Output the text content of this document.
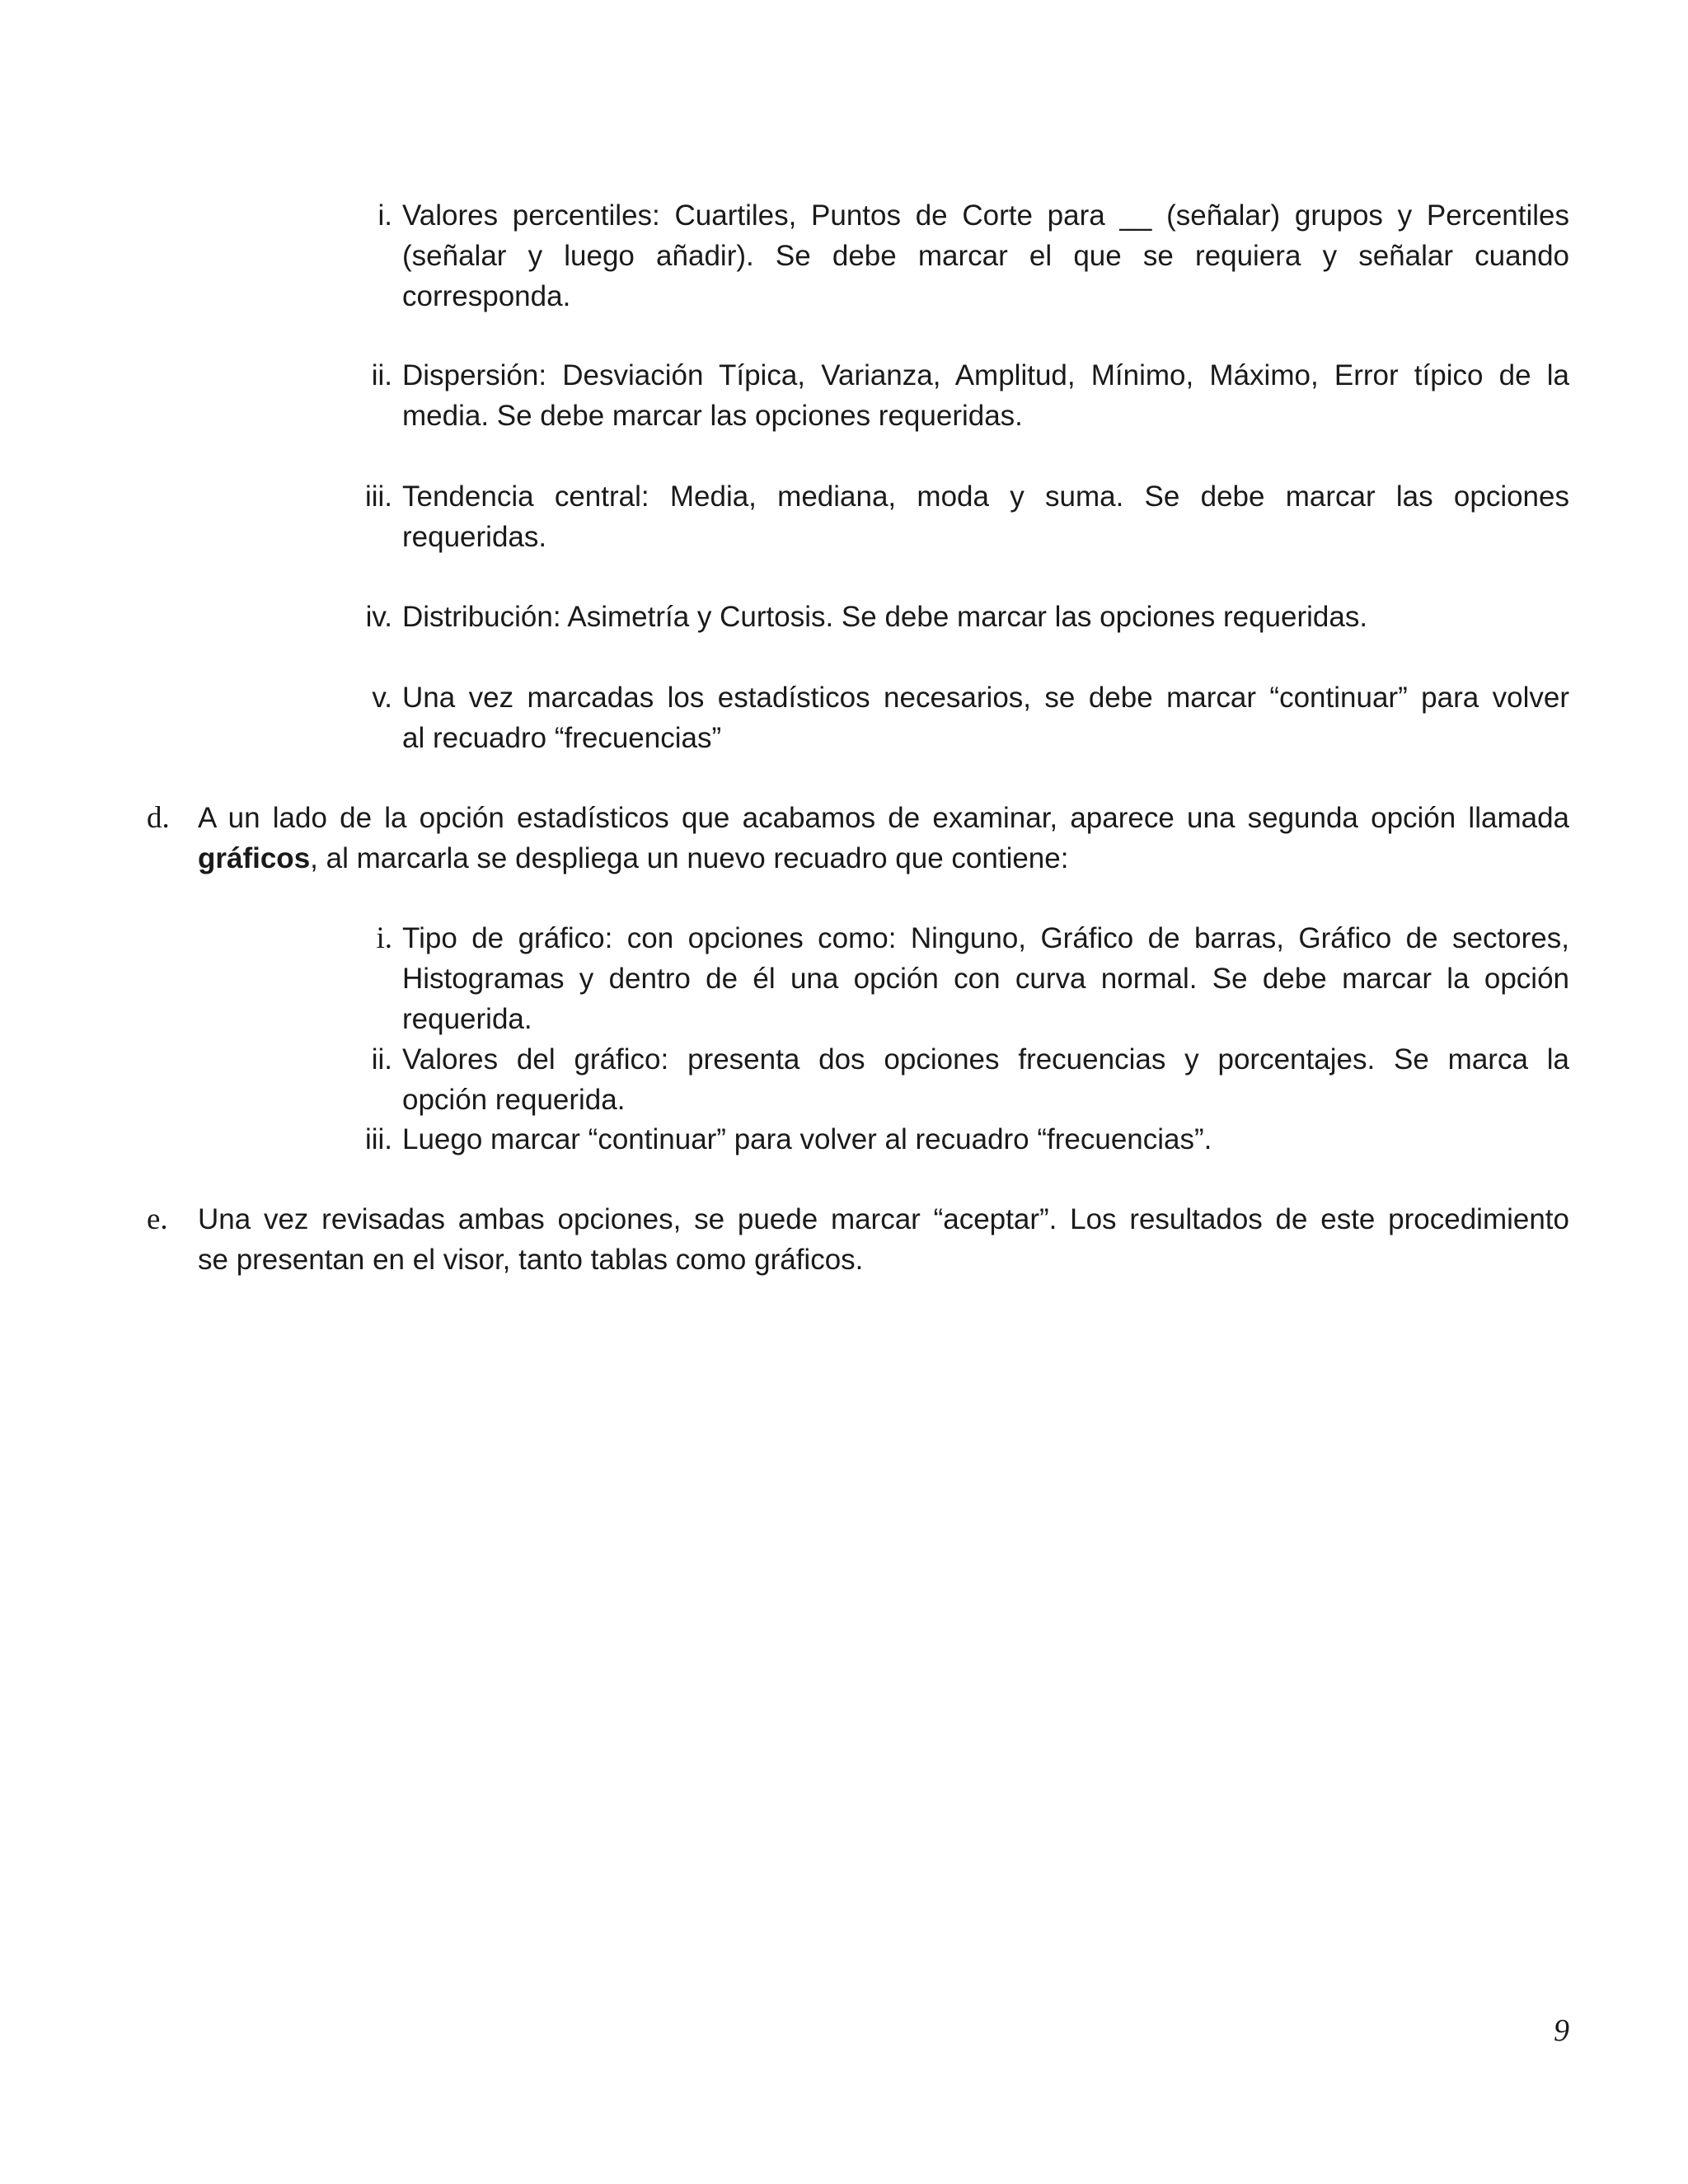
i. Valores percentiles: Cuartiles, Puntos de Corte para __ (señalar) grupos y Percentiles
(señalar y luego añadir). Se debe marcar el que se requiera y señalar cuando
corresponda.
ii. Dispersión: Desviación Típica, Varianza, Amplitud, Mínimo, Máximo, Error típico de la
media. Se debe marcar las opciones requeridas.
iii. Tendencia central: Media, mediana, moda y suma. Se debe marcar las opciones
requeridas.
iv. Distribución: Asimetría y Curtosis. Se debe marcar las opciones requeridas.
v. Una vez marcadas los estadísticos necesarios, se debe marcar “continuar” para volver
al recuadro “frecuencias”
d. A un lado de la opción estadísticos que acabamos de examinar, aparece una segunda opción llamada
gráficos, al marcarla se despliega un nuevo recuadro que contiene:
i. Tipo de gráfico: con opciones como: Ninguno, Gráfico de barras, Gráfico de sectores,
Histogramas y dentro de él una opción con curva normal. Se debe marcar la opción
requerida.
ii. Valores del gráfico: presenta dos opciones frecuencias y porcentajes. Se marca la
opción requerida.
iii. Luego marcar “continuar” para volver al recuadro “frecuencias”.
e.	Una vez revisadas ambas opciones, se puede marcar “aceptar”. Los resultados de este procedimiento
se presentan en el visor, tanto tablas como gráficos.
9
